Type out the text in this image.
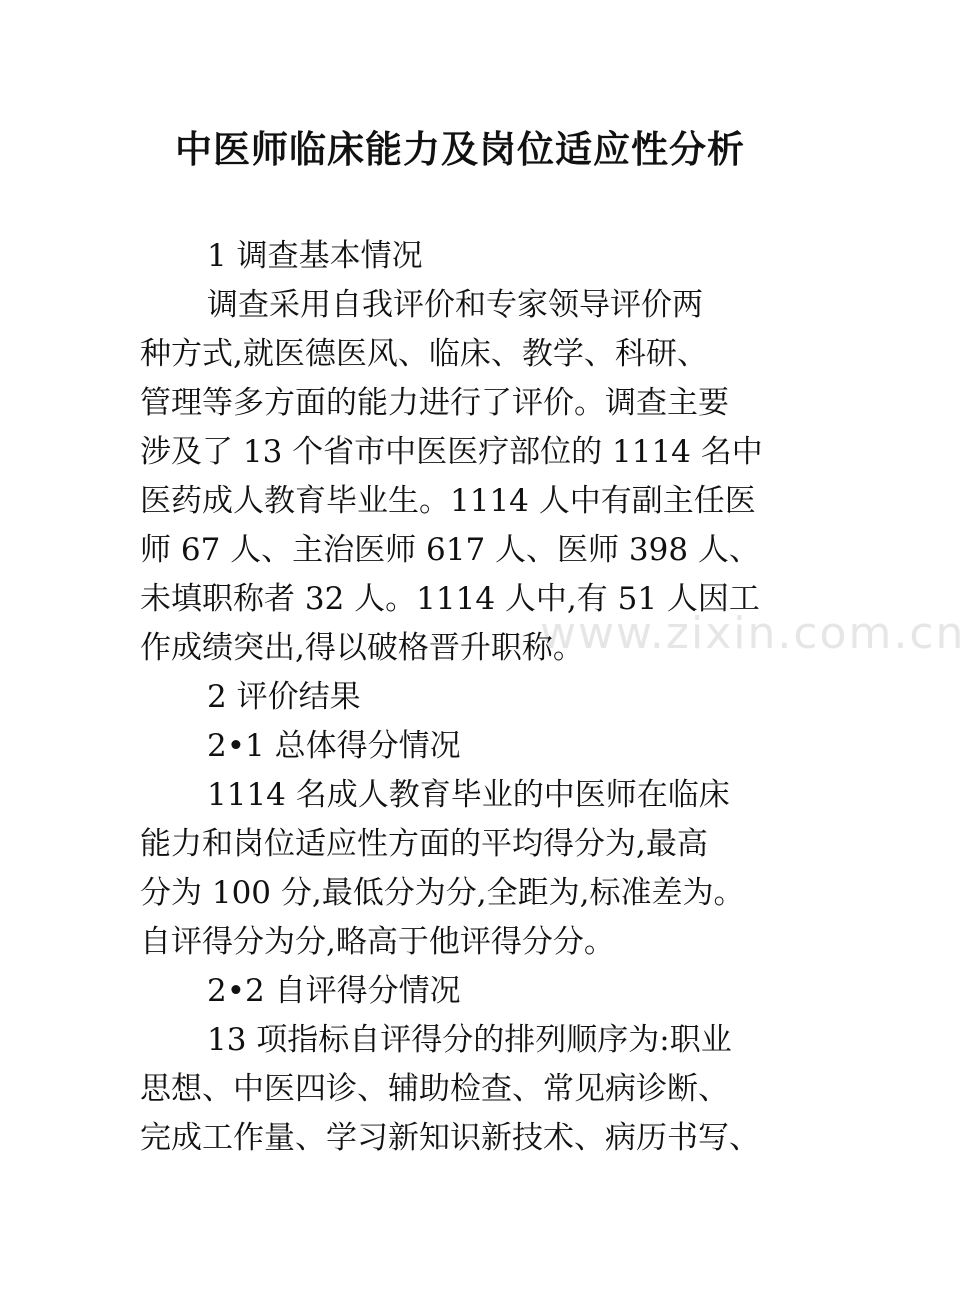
中医师临床能力及岗位适应性分析
www.zixin.com.cn
1 调查基本情况
调查采用自我评价和专家领导评价两
种方式,就医德医风、临床、教学、科研、
管理等多方面的能力进行了评价。调查主要
涉及了 13 个省市中医医疗部位的 1114 名中
医药成人教育毕业生。1114 人中有副主任医
师 67 人、主治医师 617 人、医师 398 人、
未填职称者 32 人。1114 人中,有 51 人因工
作成绩突出,得以破格晋升职称。
2 评价结果
2•1 总体得分情况
1114 名成人教育毕业的中医师在临床
能力和岗位适应性方面的平均得分为,最高
分为 100 分,最低分为分,全距为,标准差为。
自评得分为分,略高于他评得分分。
2•2 自评得分情况
13 项指标自评得分的排列顺序为:职业
思想、中医四诊、辅助检查、常见病诊断、
完成工作量、学习新知识新技术、病历书写、
